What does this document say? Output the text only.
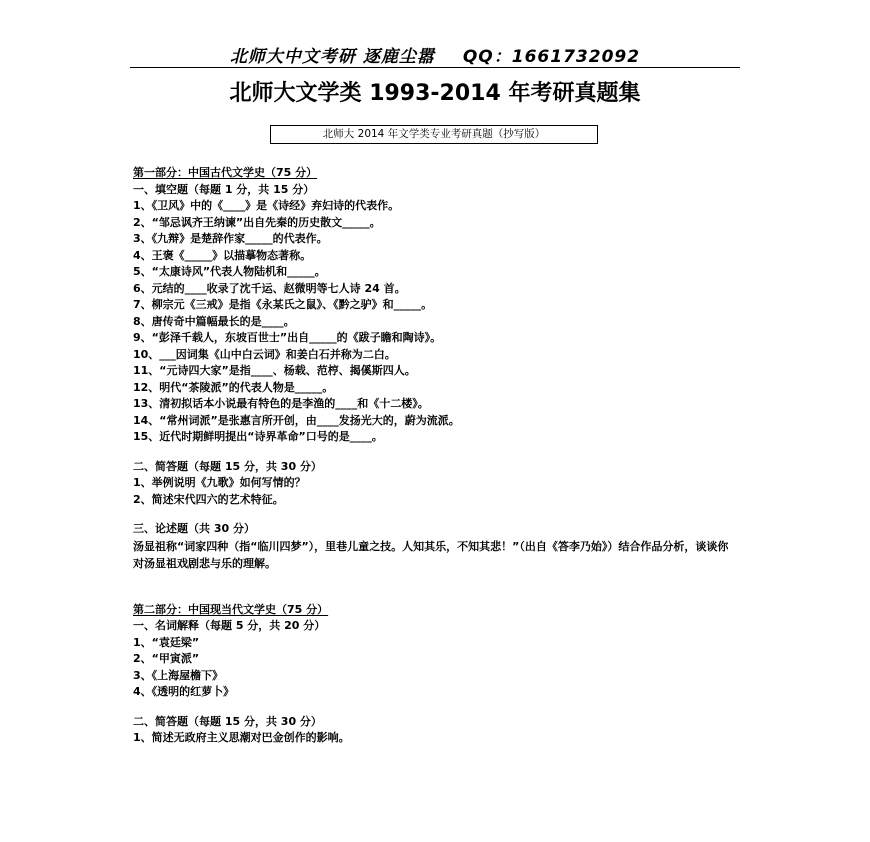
北师大中文考研 逐鹿尘嚣 QQ：1661732092
北师大文学类 1993-2014 年考研真题集
北师大 2014 年文学类专业考研真题（抄写版）
第一部分：中国古代文学史（75 分）
一、填空题（每题 1 分，共 15 分）
1、《卫风》中的《____》是《诗经》弃妇诗的代表作。
2、“邹忌讽齐王纳谏”出自先秦的历史散文_____。
3、《九辩》是楚辞作家_____的代表作。
4、王褒《_____》以描摹物态著称。
5、“太康诗风”代表人物陆机和_____。
6、元结的____收录了沈千运、赵微明等七人诗 24 首。
7、柳宗元《三戒》是指《永某氏之鼠》、《黔之驴》和_____。
8、唐传奇中篇幅最长的是____。
9、“彭泽千载人，东坡百世士”出自_____的《跋子瞻和陶诗》。
10、___因词集《山中白云词》和姜白石并称为二白。
11、“元诗四大家”是指____、杨载、范梈、揭傒斯四人。
12、明代“茶陵派”的代表人物是_____。
13、清初拟话本小说最有特色的是李渔的____和《十二楼》。
14、“常州词派”是张惠言所开创，由____发扬光大的，蔚为流派。
15、近代时期鲜明提出“诗界革命”口号的是____。
二、简答题（每题 15 分，共 30 分）
1、举例说明《九歌》如何写情的？
2、简述宋代四六的艺术特征。
三、论述题（共 30 分）
汤显祖称“词家四种（指“临川四梦”），里巷儿童之技。人知其乐，不知其悲！”（出自《答李乃始》）结合作品分析，谈谈你对汤显祖戏剧悲与乐的理解。
第二部分：中国现当代文学史（75 分）
一、名词解释（每题 5 分，共 20 分）
1、“袁廷梁”
2、“甲寅派”
3、《上海屋檐下》
4、《透明的红萝卜》
二、简答题（每题 15 分，共 30 分）
1、简述无政府主义思潮对巴金创作的影响。
